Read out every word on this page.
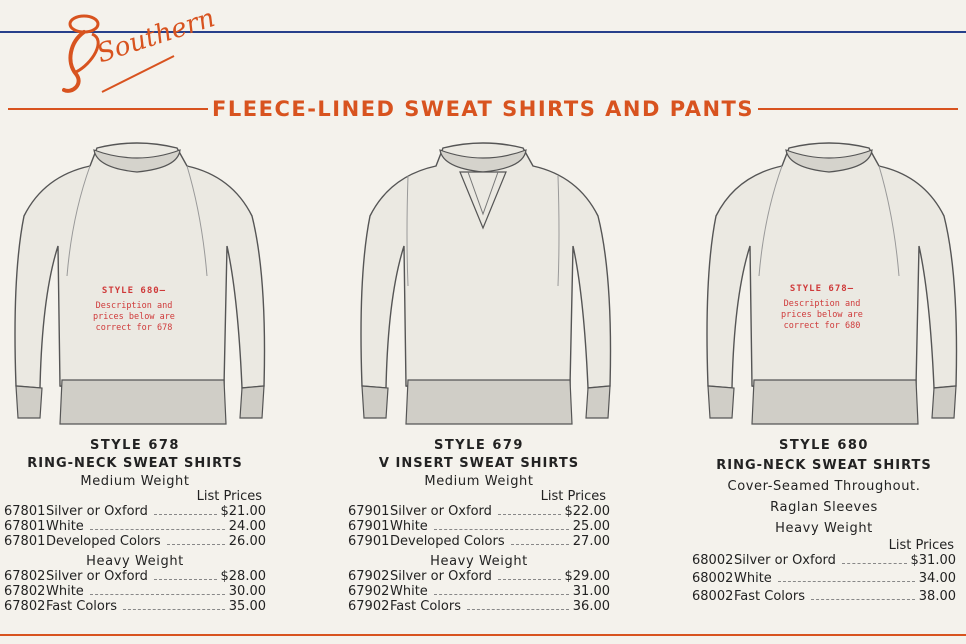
Southern
FLEECE-LINED SWEAT SHIRTS AND PANTS
STYLE 680—
Description and
prices below are
correct for 678
STYLE 678—
Description and
prices below are
correct for 680
STYLE 678
RING-NECK SWEAT SHIRTS
Medium Weight
List Prices
67801 Silver or Oxford	$21.00
67801 White	24.00
67801 Developed Colors	26.00
Heavy Weight
67802 Silver or Oxford	$28.00
67802 White	30.00
67802 Fast Colors	35.00
STYLE 679
V INSERT SWEAT SHIRTS
Medium Weight
List Prices
67901 Silver or Oxford	$22.00
67901 White	25.00
67901 Developed Colors	27.00
Heavy Weight
67902 Silver or Oxford	$29.00
67902 White	31.00
67902 Fast Colors	36.00
STYLE 680
RING-NECK SWEAT SHIRTS
Cover-Seamed Throughout.
Raglan Sleeves
Heavy Weight
List Prices
68002 Silver or Oxford	$31.00
68002 White	34.00
68002 Fast Colors	38.00
